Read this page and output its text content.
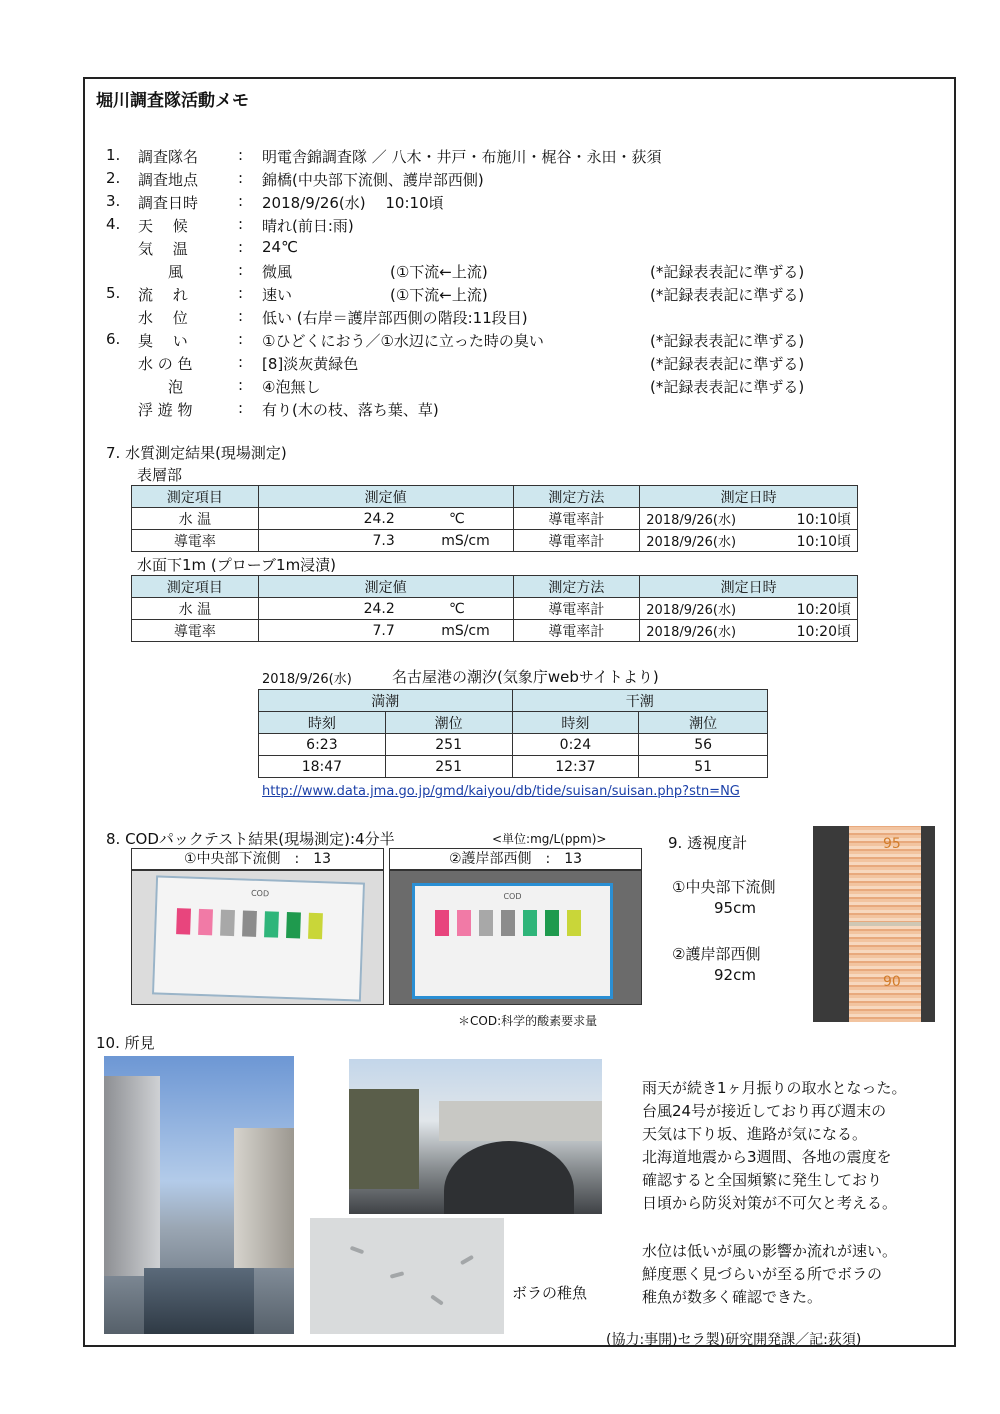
堀川調査隊活動メモ
1. 調査隊名	: 明電舎錦調査隊 ／ 八木・井戸・布施川・梶谷・永田・荻須
2. 調査地点	: 錦橋(中央部下流側、護岸部西側)
3. 調査日時	: 2018/9/26(水)　 10:10頃
4. 天　 候	: 晴れ(前日:雨)
気　 温	: 24℃
　　風	: 微風	(①下流←上流)	(*記録表表記に準ずる)
5. 流　 れ	: 速い	(①下流←上流)	(*記録表表記に準ずる)
水　 位	: 低い (右岸＝護岸部西側の階段:11段目)
6. 臭　 い	: ①ひどくにおう／①水辺に立った時の臭い	(*記録表表記に準ずる)
水 の 色	: [8]淡灰黄緑色	(*記録表表記に準ずる)
　　泡	: ④泡無し	(*記録表表記に準ずる)
浮 遊 物	: 有り(木の枝、落ち葉、草)
7. 水質測定結果(現場測定)
表層部
測定項目	測定値	測定方法	測定日時
水 温	24.2 ℃	導電率計	2018/9/26(水) 10:10頃

導電率	7.3 mS/cm	導電率計	2018/9/26(水) 10:10頃
水面下1m (プローブ1m浸漬)
測定項目	測定値	測定方法	測定日時
水 温	24.2 ℃	導電率計	2018/9/26(水) 10:20頃

導電率	7.7 mS/cm	導電率計	2018/9/26(水) 10:20頃
2018/9/26(水)	名古屋港の潮汐(気象庁webサイトより)
満潮		干潮	
時刻	潮位	時刻	潮位
6:23	251	0:24	56
18:47	251	12:37	51
http://www.data.jma.go.jp/gmd/kaiyou/db/tide/suisan/suisan.php?stn=NG
8. CODパックテスト結果(現場測定):4分半	<単位:mg/L(ppm)>
①中央部下流側　:　13	②護岸部西側　:　13
COD	COD
＊COD:科学的酸素要求量
9. 透視度計
①中央部下流側
95cm
②護岸部西側
92cm
95
90
10. 所見
ボラの稚魚
雨天が続き1ヶ月振りの取水となった。
台風24号が接近しており再び週末の
天気は下り坂、進路が気になる。
北海道地震から3週間、各地の震度を
確認すると全国頻繁に発生しており
日頃から防災対策が不可欠と考える。
水位は低いが風の影響か流れが速い。
鮮度悪く見づらいが至る所でボラの
稚魚が数多く確認できた。
(協力:事開)セラ製)研究開発課／記:荻須)
